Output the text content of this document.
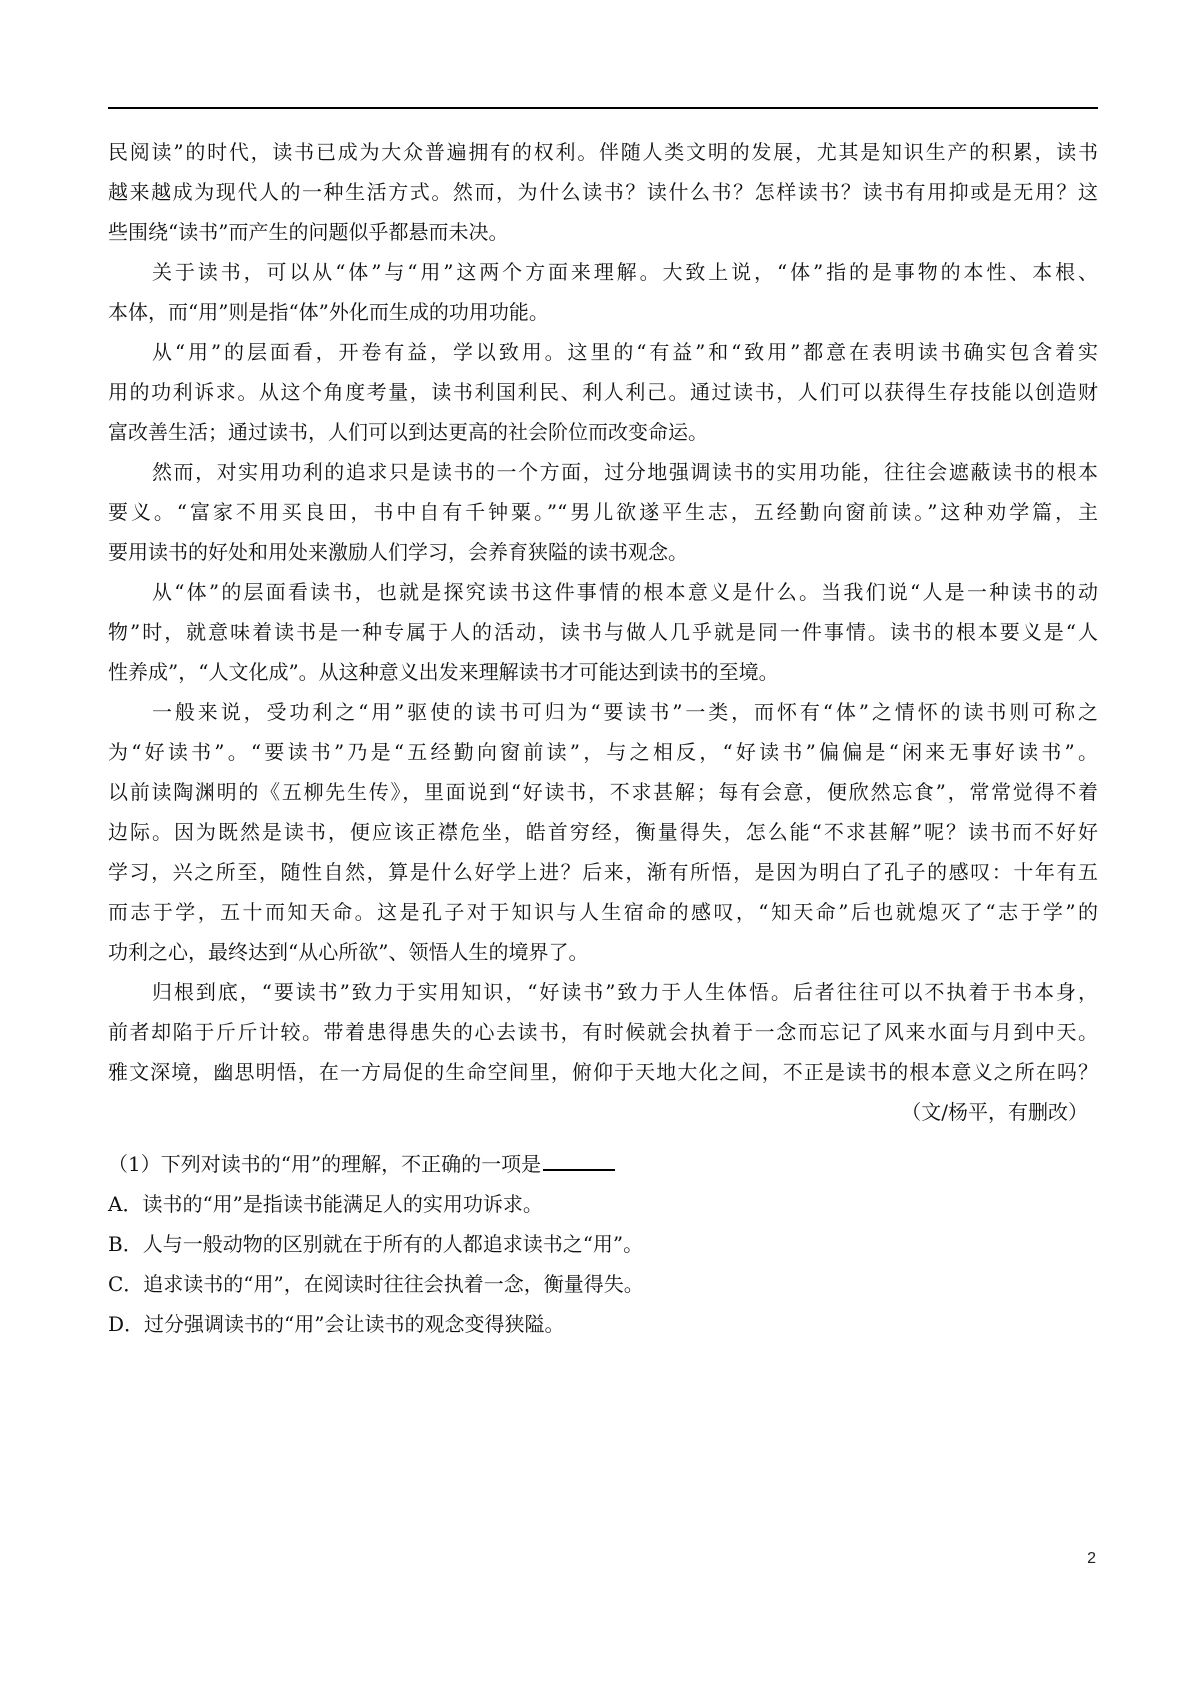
民阅读”的时代，读书已成为大众普遍拥有的权利。伴随人类文明的发展，尤其是知识生产的积累，读书
越来越成为现代人的一种生活方式。然而，为什么读书？读什么书？怎样读书？读书有用抑或是无用？这
些围绕“读书”而产生的问题似乎都悬而未决。
关于读书，可以从“体”与“用”这两个方面来理解。大致上说，“体”指的是事物的本性、本根、
本体，而“用”则是指“体”外化而生成的功用功能。
从“用”的层面看，开卷有益，学以致用。这里的“有益”和“致用”都意在表明读书确实包含着实
用的功利诉求。从这个角度考量，读书利国利民、利人利己。通过读书，人们可以获得生存技能以创造财
富改善生活；通过读书，人们可以到达更高的社会阶位而改变命运。
然而，对实用功利的追求只是读书的一个方面，过分地强调读书的实用功能，往往会遮蔽读书的根本
要义。“富家不用买良田，书中自有千钟粟。”“男儿欲遂平生志，五经勤向窗前读。”这种劝学篇，主
要用读书的好处和用处来激励人们学习，会养育狭隘的读书观念。
从“体”的层面看读书，也就是探究读书这件事情的根本意义是什么。当我们说“人是一种读书的动
物”时，就意味着读书是一种专属于人的活动，读书与做人几乎就是同一件事情。读书的根本要义是“人
性养成”，“人文化成”。从这种意义出发来理解读书才可能达到读书的至境。
一般来说，受功利之“用”驱使的读书可归为“要读书”一类，而怀有“体”之情怀的读书则可称之
为“好读书”。“要读书”乃是“五经勤向窗前读”，与之相反，“好读书”偏偏是“闲来无事好读书”。
以前读陶渊明的《五柳先生传》，里面说到“好读书，不求甚解；每有会意，便欣然忘食”，常常觉得不着
边际。因为既然是读书，便应该正襟危坐，皓首穷经，衡量得失，怎么能“不求甚解”呢？读书而不好好
学习，兴之所至，随性自然，算是什么好学上进？后来，渐有所悟，是因为明白了孔子的感叹：十年有五
而志于学，五十而知天命。这是孔子对于知识与人生宿命的感叹，“知天命”后也就熄灭了“志于学”的
功利之心，最终达到“从心所欲”、领悟人生的境界了。
归根到底，“要读书”致力于实用知识，“好读书”致力于人生体悟。后者往往可以不执着于书本身，
前者却陷于斤斤计较。带着患得患失的心去读书，有时候就会执着于一念而忘记了风来水面与月到中天。
雅文深境，幽思明悟，在一方局促的生命空间里，俯仰于天地大化之间，不正是读书的根本意义之所在吗？
（文/杨平，有删改）
（1）下列对读书的“用”的理解，不正确的一项是
A．读书的“用”是指读书能满足人的实用功诉求。
B．人与一般动物的区别就在于所有的人都追求读书之“用”。
C．追求读书的“用”，在阅读时往往会执着一念，衡量得失。
D．过分强调读书的“用”会让读书的观念变得狭隘。
2
